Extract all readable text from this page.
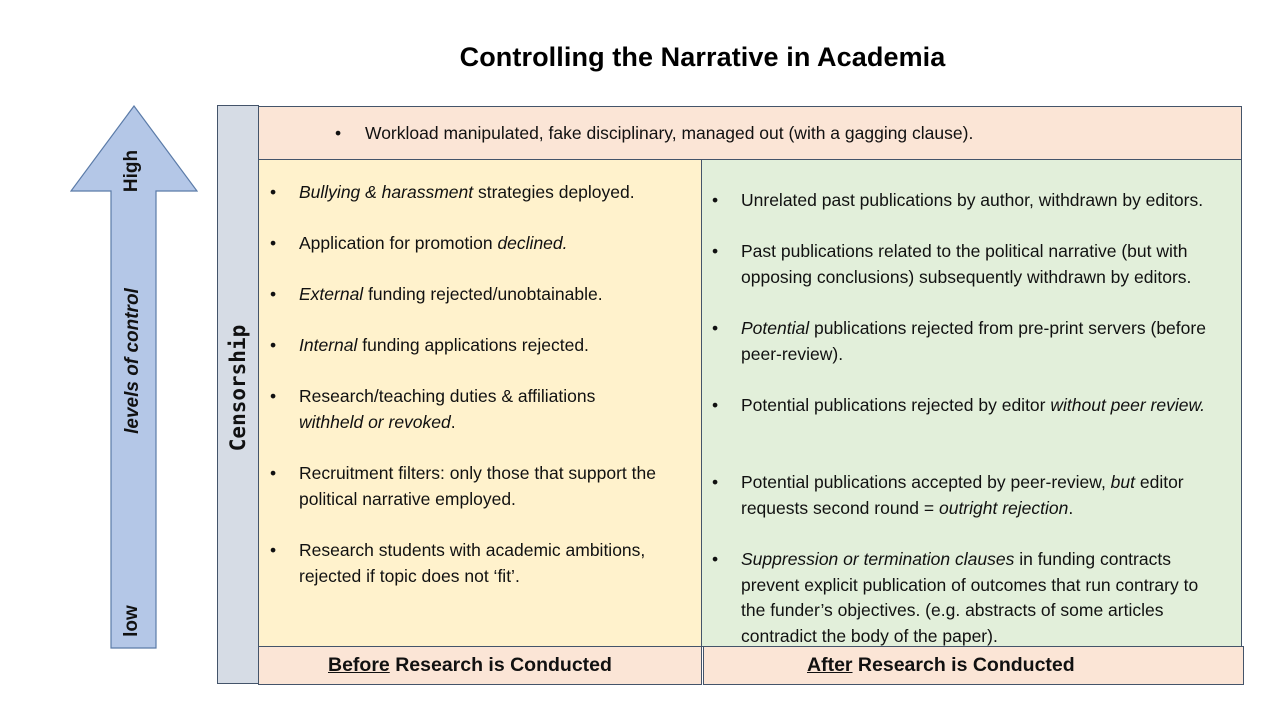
Controlling the Narrative in Academia
High
levels of control
low
Censorship
• Workload manipulated, fake disciplinary, managed out (with a gagging clause).
• Bullying & harassment strategies deployed.
• Application for promotion declined.
• External funding rejected/unobtainable.
• Internal funding applications rejected.
• Research/teaching duties & affiliations withheld or revoked.
• Recruitment filters: only those that support the political narrative employed.
• Research students with academic ambitions, rejected if topic does not ‘fit’.
• Unrelated past publications by author, withdrawn by editors.
• Past publications related to the political narrative (but with opposing conclusions) subsequently withdrawn by editors.
• Potential publications rejected from pre-print servers (before peer-review).
• Potential publications rejected by editor without peer review.
• Potential publications accepted by peer-review, but editor requests second round = outright rejection.
• Suppression or termination clauses in funding contracts prevent explicit publication of outcomes that run contrary to the funder’s objectives. (e.g. abstracts of some articles contradict the body of the paper).
Before Research is Conducted	After Research is Conducted
